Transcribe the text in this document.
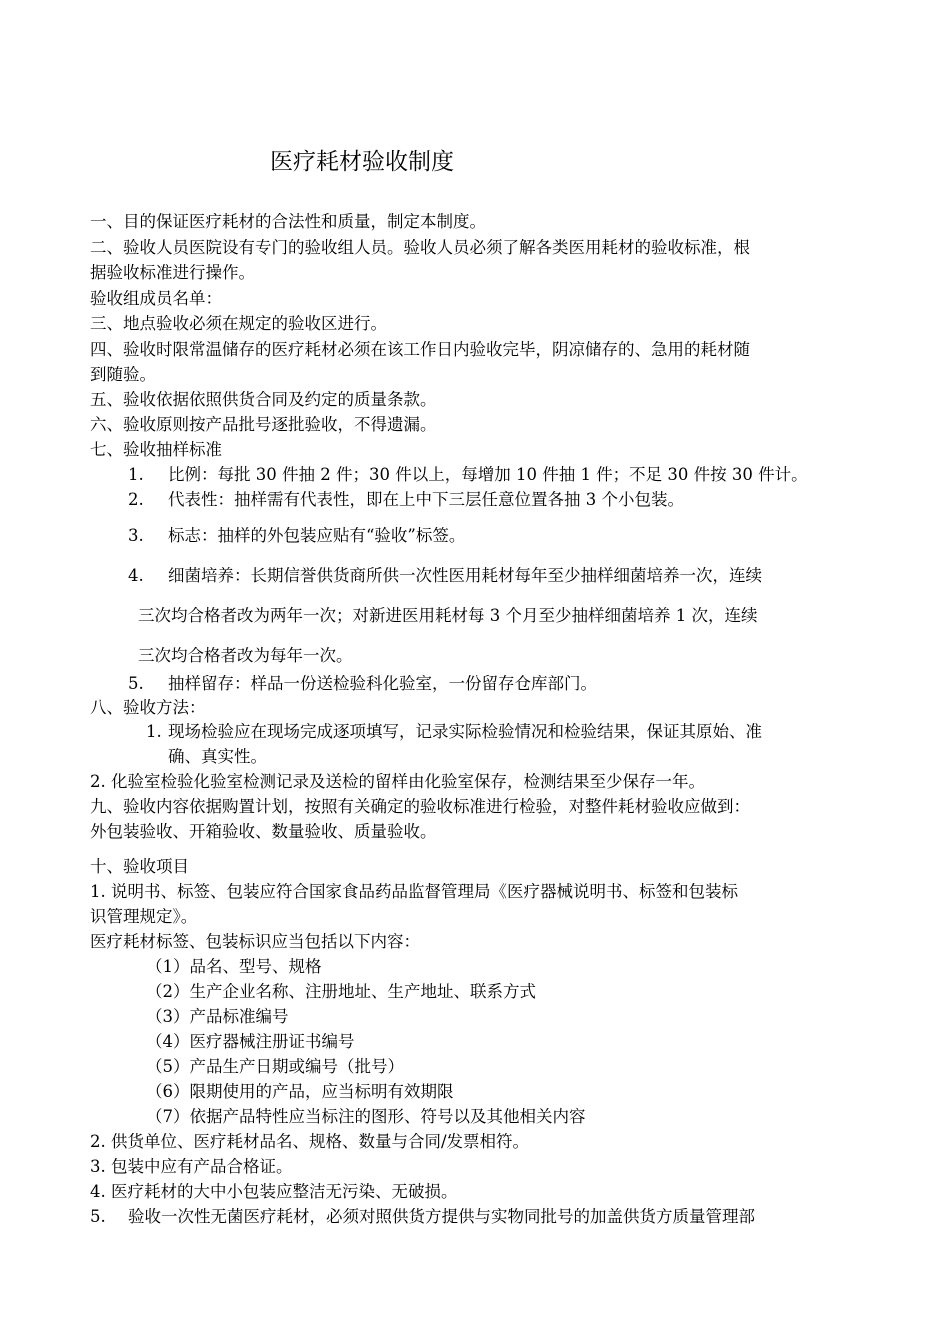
医疗耗材验收制度
一、目的保证医疗耗材的合法性和质量，制定本制度。
二、验收人员医院设有专门的验收组人员。验收人员必须了解各类医用耗材的验收标准，根
据验收标准进行操作。
验收组成员名单：
三、地点验收必须在规定的验收区进行。
四、验收时限常温储存的医疗耗材必须在该工作日内验收完毕，阴凉储存的、急用的耗材随
到随验。
五、验收依据依照供货合同及约定的质量条款。
六、验收原则按产品批号逐批验收，不得遗漏。
七、验收抽样标准
1. 比例：每批 30 件抽 2 件；30 件以上，每增加 10 件抽 1 件；不足 30 件按 30 件计。
2. 代表性：抽样需有代表性，即在上中下三层任意位置各抽 3 个小包装。
3. 标志：抽样的外包装应贴有“验收”标签。
4. 细菌培养：长期信誉供货商所供一次性医用耗材每年至少抽样细菌培养一次，连续
三次均合格者改为两年一次；对新进医用耗材每 3 个月至少抽样细菌培养 1 次，连续
三次均合格者改为每年一次。
5. 抽样留存：样品一份送检验科化验室，一份留存仓库部门。
八、验收方法：
1. 现场检验应在现场完成逐项填写，记录实际检验情况和检验结果，保证其原始、准
确、真实性。
2. 化验室检验化验室检测记录及送检的留样由化验室保存，检测结果至少保存一年。
九、验收内容依据购置计划，按照有关确定的验收标准进行检验，对整件耗材验收应做到：
外包装验收、开箱验收、数量验收、质量验收。
十、验收项目
1. 说明书、标签、包装应符合国家食品药品监督管理局《医疗器械说明书、标签和包装标
识管理规定》。
医疗耗材标签、包装标识应当包括以下内容：
（1）品名、型号、规格
（2）生产企业名称、注册地址、生产地址、联系方式
（3）产品标准编号
（4）医疗器械注册证书编号
（5）产品生产日期或编号（批号）
（6）限期使用的产品，应当标明有效期限
（7）依据产品特性应当标注的图形、符号以及其他相关内容
2. 供货单位、医疗耗材品名、规格、数量与合同/发票相符。
3. 包装中应有产品合格证。
4. 医疗耗材的大中小包装应整洁无污染、无破损。
5. 验收一次性无菌医疗耗材，必须对照供货方提供与实物同批号的加盖供货方质量管理部
